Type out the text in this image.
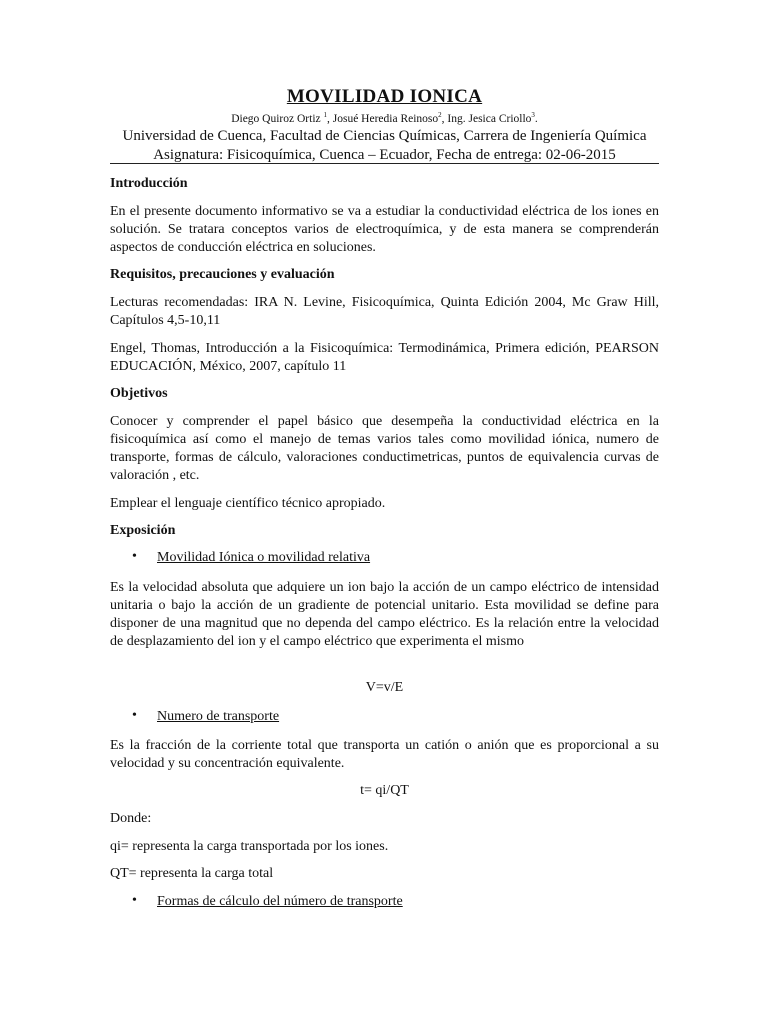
MOVILIDAD IONICA
Diego Quiroz Ortiz $^1$, Josué Heredia Reinoso$^2$, Ing. Jesica Criollo$^3$.
Universidad de Cuenca, Facultad de Ciencias Químicas, Carrera de Ingeniería Química
Asignatura: Fisicoquímica, Cuenca – Ecuador, Fecha de entrega: 02-06-2015
Introducción
En el presente documento informativo se va a estudiar la conductividad eléctrica de los iones en solución. Se tratara conceptos varios de electroquímica, y de esta manera se comprenderán aspectos de conducción eléctrica en soluciones.
Requisitos, precauciones y evaluación
Lecturas recomendadas: IRA N. Levine, Fisicoquímica, Quinta Edición 2004, Mc Graw Hill, Capítulos 4,5-10,11
Engel, Thomas, Introducción a la Fisicoquímica: Termodinámica, Primera edición, PEARSON EDUCACIÓN, México, 2007, capítulo 11
Objetivos
Conocer y comprender el papel básico que desempeña la conductividad eléctrica en la fisicoquímica así como el manejo de temas varios tales como movilidad iónica, numero de transporte, formas de cálculo, valoraciones conductimetricas, puntos de equivalencia curvas de valoración , etc.
Emplear el lenguaje científico técnico apropiado.
Exposición
• Movilidad Iónica o movilidad relativa
Es la velocidad absoluta que adquiere un ion bajo la acción de un campo eléctrico de intensidad unitaria o bajo la acción de un gradiente de potencial unitario. Esta movilidad se define para disponer de una magnitud que no dependa del campo eléctrico. Es la relación entre la velocidad de desplazamiento del ion y el campo eléctrico que experimenta el mismo
V=v/E
• Numero de transporte
Es la fracción de la corriente total que transporta un catión o anión que es proporcional a su velocidad y su concentración equivalente.
t= qi/QT
Donde:
qi= representa la carga transportada por los iones.
QT= representa la carga total
• Formas de cálculo del número de transporte
